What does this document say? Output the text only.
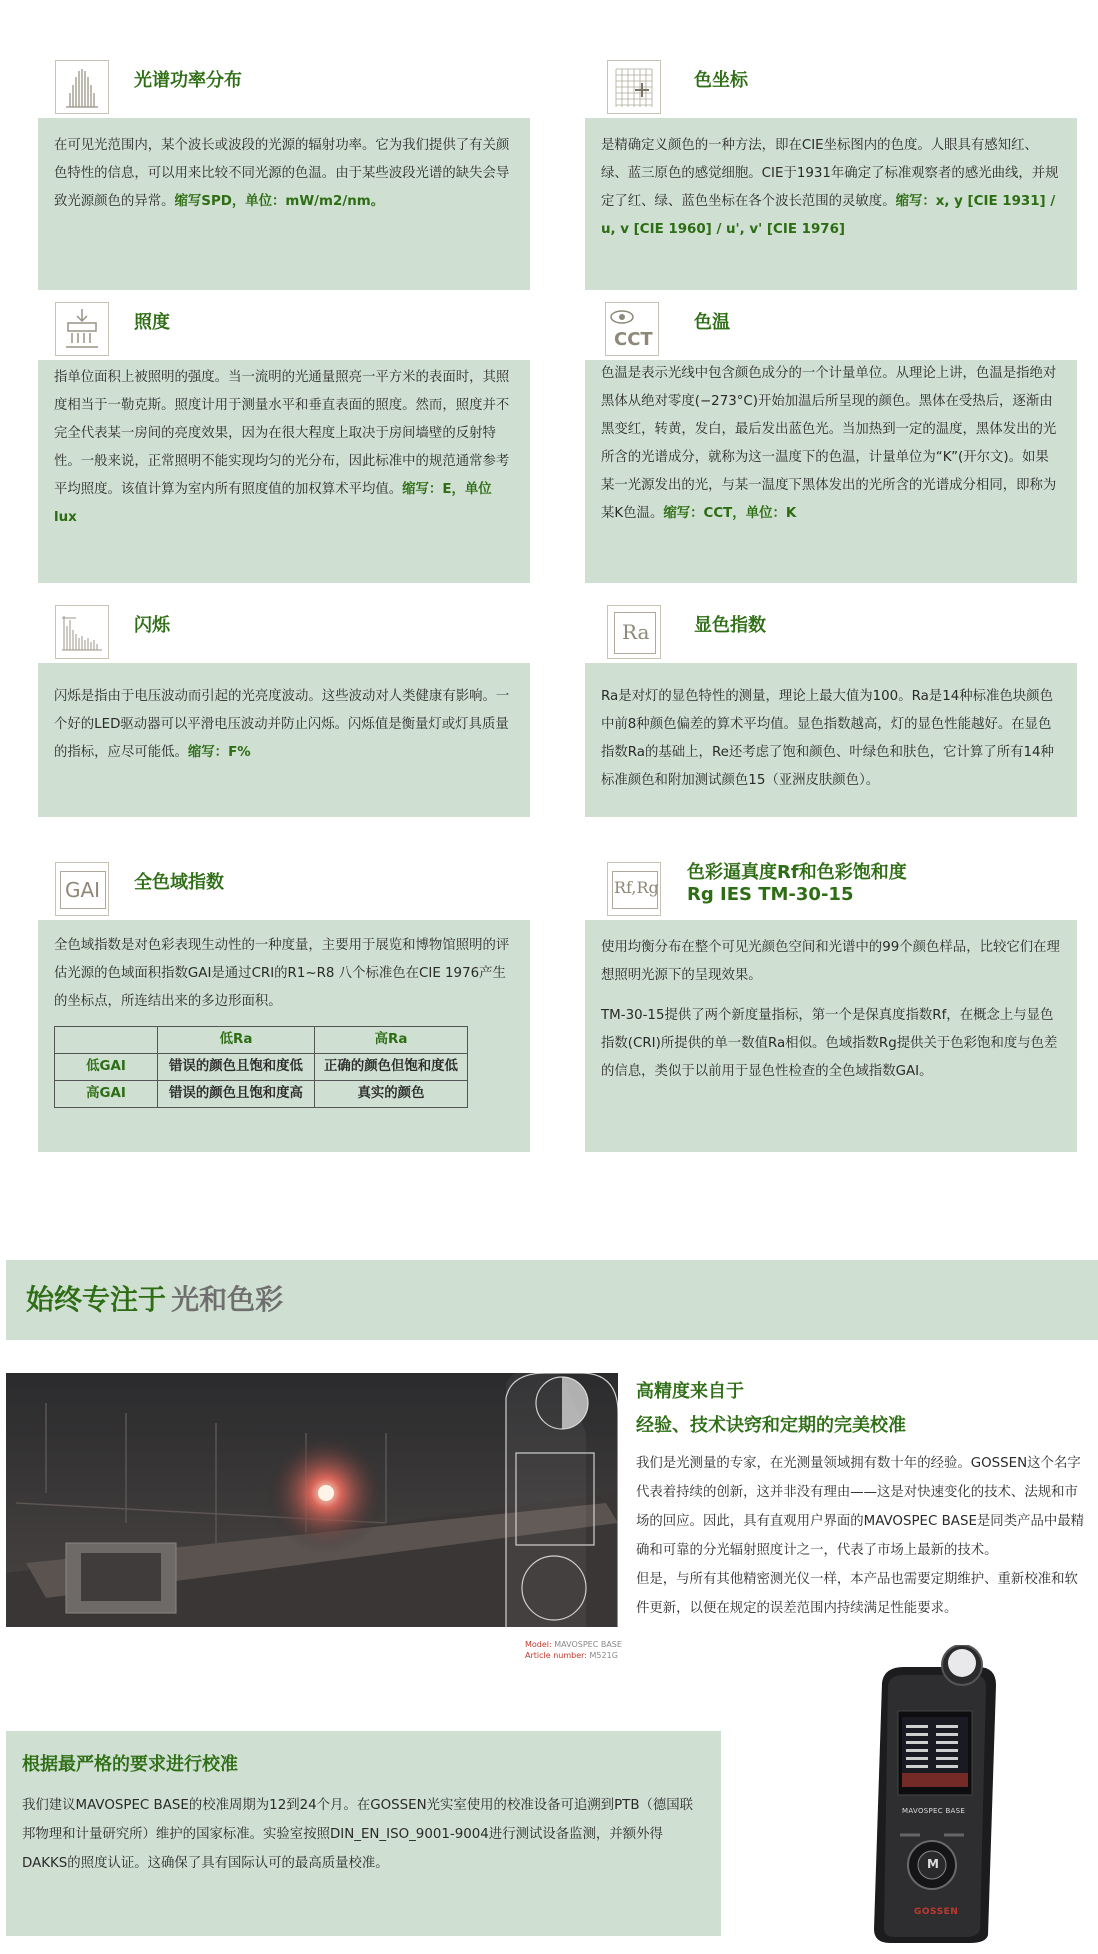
光谱功率分布
在可见光范围内，某个波长或波段的光源的辐射功率。它为我们提供了有关颜色特性的信息，可以用来比较不同光源的色温。由于某些波段光谱的缺失会导致光源颜色的异常。缩写SPD，单位：mW/m2/nm。
色坐标
是精确定义颜色的一种方法，即在CIE坐标图内的色度。人眼具有感知红、绿、蓝三原色的感觉细胞。CIE于1931年确定了标准观察者的感光曲线，并规定了红、绿、蓝色坐标在各个波长范围的灵敏度。缩写：x, y [CIE 1931] / u, v [CIE 1960] / u', v' [CIE 1976]
照度
指单位面积上被照明的强度。当一流明的光通量照亮一平方米的表面时，其照度相当于一勒克斯。照度计用于测量水平和垂直表面的照度。然而，照度并不完全代表某一房间的亮度效果，因为在很大程度上取决于房间墙壁的反射特性。一般来说，正常照明不能实现均匀的光分布，因此标准中的规范通常参考平均照度。该值计算为室内所有照度值的加权算术平均值。缩写：E，单位lux
CCT
色温
色温是表示光线中包含颜色成分的一个计量单位。从理论上讲，色温是指绝对黑体从绝对零度(−273°C)开始加温后所呈现的颜色。黑体在受热后，逐渐由黑变红，转黄，发白，最后发出蓝色光。当加热到一定的温度，黑体发出的光所含的光谱成分，就称为这一温度下的色温，计量单位为“K”(开尔文)。如果某一光源发出的光，与某一温度下黑体发出的光所含的光谱成分相同，即称为某K色温。缩写：CCT，单位：K
闪烁
闪烁是指由于电压波动而引起的光亮度波动。这些波动对人类健康有影响。一个好的LED驱动器可以平滑电压波动并防止闪烁。闪烁值是衡量灯或灯具质量的指标，应尽可能低。缩写：F%
Ra 显色指数
Ra是对灯的显色特性的测量，理论上最大值为100。Ra是14种标准色块颜色中前8种颜色偏差的算术平均值。显色指数越高，灯的显色性能越好。在显色指数Ra的基础上，Re还考虑了饱和颜色、叶绿色和肤色，它计算了所有14种标准颜色和附加测试颜色15（亚洲皮肤颜色）。
GAI 全色域指数
全色域指数是对色彩表现生动性的一种度量，主要用于展览和博物馆照明的评估光源的色域面积指数GAI是通过CRI的R1~R8 八个标准色在CIE 1976产生的坐标点，所连结出来的多边形面积。
	低Ra	高Ra
低GAI	错误的颜色且饱和度低	正确的颜色但饱和度低
高GAI	错误的颜色且饱和度高	真实的颜色
Rf,Rg
色彩逼真度Rf和色彩饱和度
Rg IES TM-30-15
使用均衡分布在整个可见光颜色空间和光谱中的99个颜色样品，比较它们在理想照明光源下的呈现效果。
TM-30-15提供了两个新度量指标，第一个是保真度指数Rf，在概念上与显色指数(CRI)所提供的单一数值Ra相似。色域指数Rg提供关于色彩饱和度与色差的信息，类似于以前用于显色性检查的全色域指数GAI。
始终专注于 光和色彩
Model: MAVOSPEC BASE
Article number: M521G
高精度来自于
经验、技术诀窍和定期的完美校准
我们是光测量的专家，在光测量领域拥有数十年的经验。GOSSEN这个名字代表着持续的创新，这并非没有理由——这是对快速变化的技术、法规和市场的回应。因此，具有直观用户界面的MAVOSPEC BASE是同类产品中最精确和可靠的分光辐射照度计之一，代表了市场上最新的技术。
但是，与所有其他精密测光仪一样，本产品也需要定期维护、重新校准和软件更新，以便在规定的误差范围内持续满足性能要求。
根据最严格的要求进行校准
我们建议MAVOSPEC BASE的校准周期为12到24个月。在GOSSEN光实室使用的校准设备可追溯到PTB（德国联邦物理和计量研究所）维护的国家标准。实验室按照DIN_EN_ISO_9001-9004进行测试设备监测，并额外得DAKKS的照度认证。这确保了具有国际认可的最高质量校准。
MAVOSPEC BASE
M
GOSSEN
